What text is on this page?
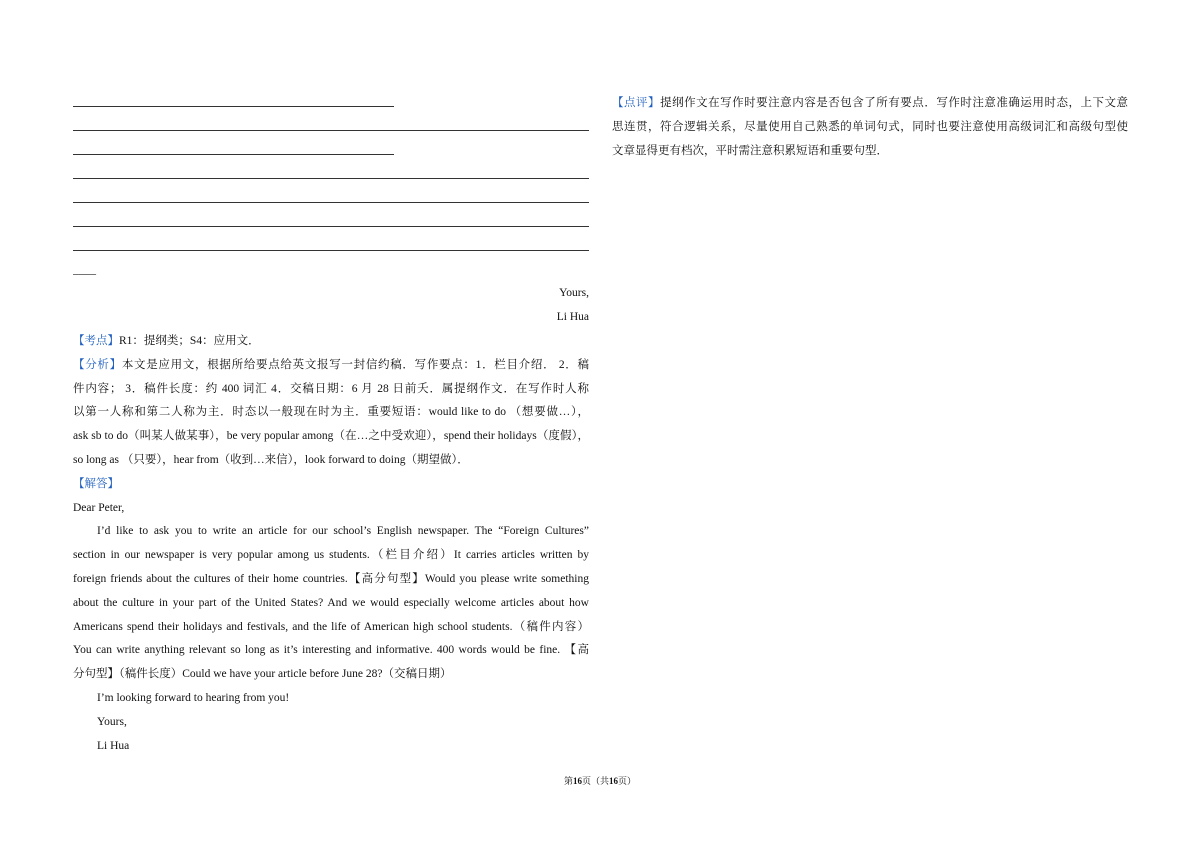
____
Yours,
Li Hua
【考点】R1：提纲类；S4：应用文．
【分析】本文是应用文，根据所给要点给英文报写一封信约稿．写作要点：1．栏目介绍． 2．稿
件内容； 3．稿件长度：约 400 词汇 4．交稿日期：6 月 28 日前夭．属提纲作文．在写作时人称
以第一人称和第二人称为主．时态以一般现在时为主．重要短语：would like to do （想要做…），
ask sb to do（叫某人做某事），be very popular among（在…之中受欢迎），spend their holidays（度假），
so long as （只要），hear from（收到…来信），look forward to doing（期望做）．
【解答】
Dear Peter,
I’d like to ask you to write an article for our school’s English newspaper. The “Foreign Cultures”
section in our newspaper is very popular among us students.（栏目介绍）It carries articles written by
foreign friends about the cultures of their home countries.【高分句型】Would you please write something
about the culture in your part of the United States? And we would especially welcome articles about how
Americans spend their holidays and festivals, and the life of American high school students.（稿件内容）
You can write anything relevant so long as it’s interesting and informative. 400 words would be fine. 【高
分句型】（稿件长度）Could we have your article before June 28?（交稿日期）
I’m looking forward to hearing from you!
Yours,
Li Hua
【点评】提纲作文在写作时要注意内容是否包含了所有要点．写作时注意准确运用时态，上下文意
思连贯，符合逻辑关系，尽量使用自己熟悉的单词句式，同时也要注意使用高级词汇和高级句型使
文章显得更有档次，平时需注意积累短语和重要句型．
第16页（共16页）
